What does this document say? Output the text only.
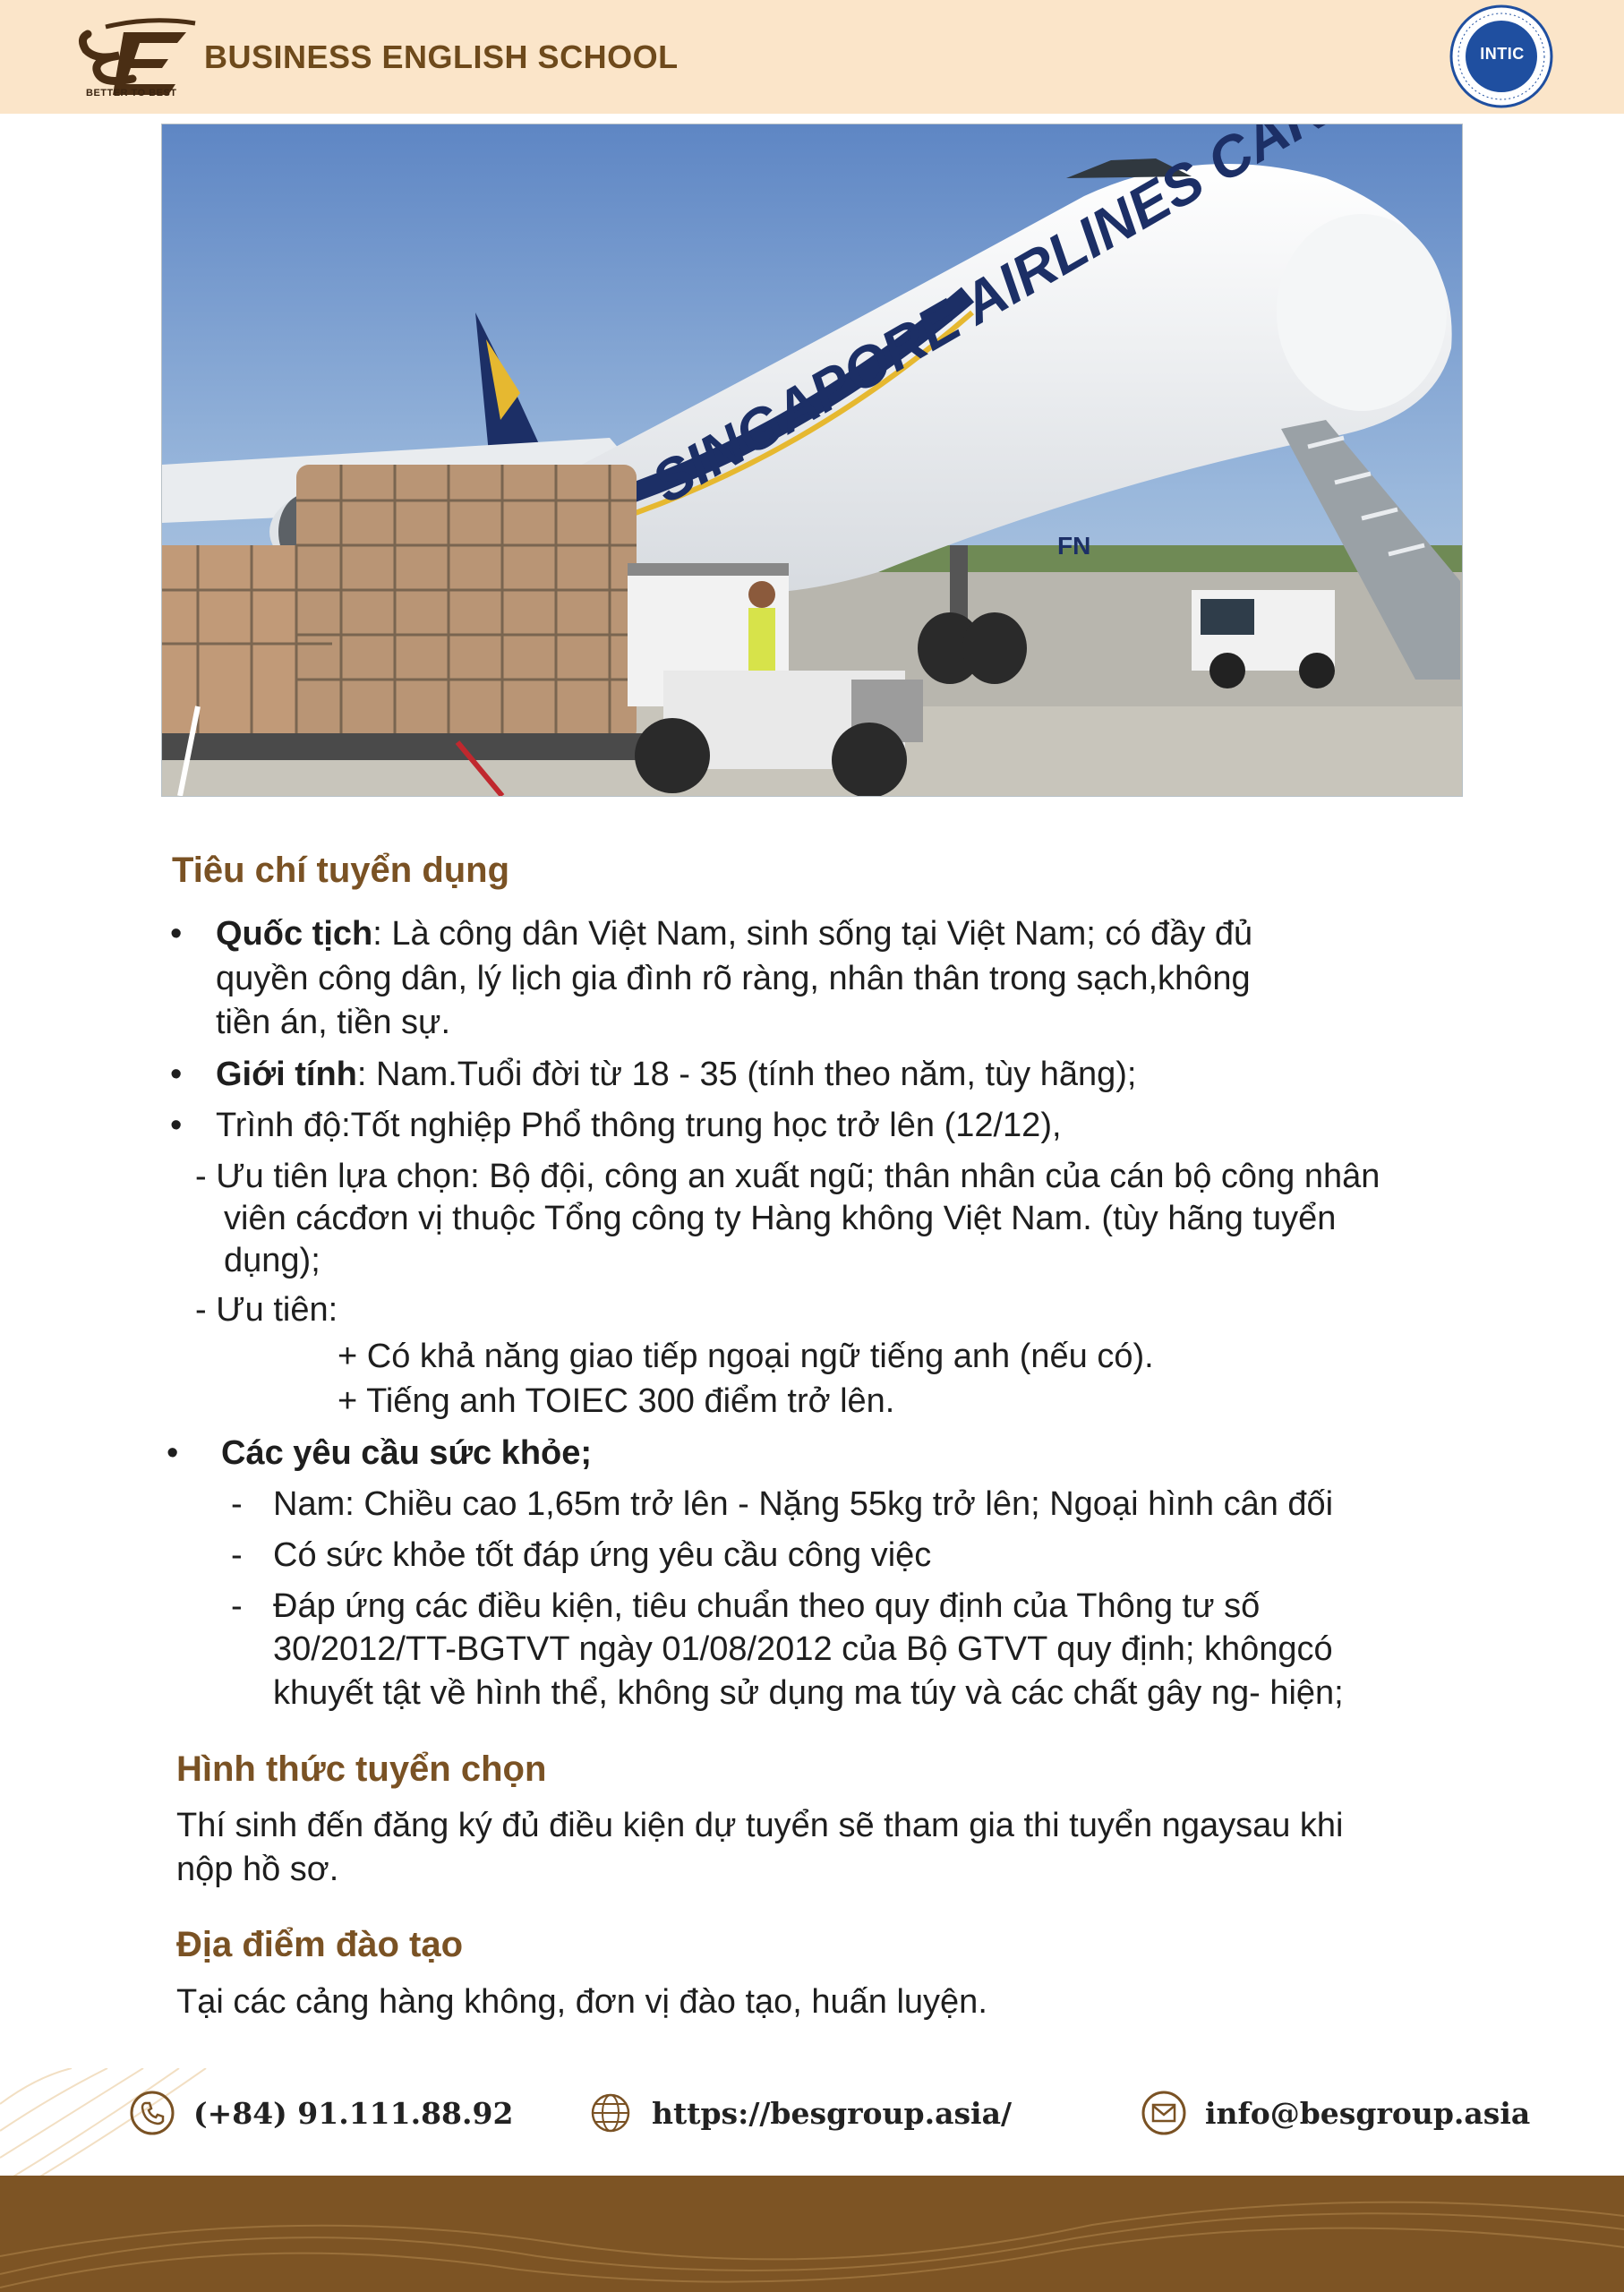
BETTER TO BEST
BUSINESS ENGLISH SCHOOL	INTIC
FN
Tiêu chí tuyển dụng
• Quốc tịch: Là công dân Việt Nam, sinh sống tại Việt Nam; có đầy đủ
quyền công dân, lý lịch gia đình rõ ràng, nhân thân trong sạch,không
tiền án, tiền sự.
• Giới tính: Nam.Tuổi đời từ 18 - 35 (tính theo năm, tùy hãng);
• Trình độ:Tốt nghiệp Phổ thông trung học trở lên (12/12),
- Ưu tiên lựa chọn: Bộ đội, công an xuất ngũ; thân nhân của cán bộ công nhân
viên cácđơn vị thuộc Tổng công ty Hàng không Việt Nam. (tùy hãng tuyển
dụng);
- Ưu tiên:
+ Có khả năng giao tiếp ngoại ngữ tiếng anh (nếu có).
+ Tiếng anh TOIEC 300 điểm trở lên.
• Các yêu cầu sức khỏe;
- Nam: Chiều cao 1,65m trở lên - Nặng 55kg trở lên; Ngoại hình cân đối
- Có sức khỏe tốt đáp ứng yêu cầu công việc
- Đáp ứng các điều kiện, tiêu chuẩn theo quy định của Thông tư số
30/2012/TT-BGTVT ngày 01/08/2012 của Bộ GTVT quy định; khôngcó
khuyết tật về hình thể, không sử dụng ma túy và các chất gây ng- hiện;
Hình thức tuyển chọn
Thí sinh đến đăng ký đủ điều kiện dự tuyển sẽ tham gia thi tuyển ngaysau khi
nộp hồ sơ.
Địa điểm đào tạo
Tại các cảng hàng không, đơn vị đào tạo, huấn luyện.
(+84) 91.111.88.92	https://besgroup.asia/	info@besgroup.asia
